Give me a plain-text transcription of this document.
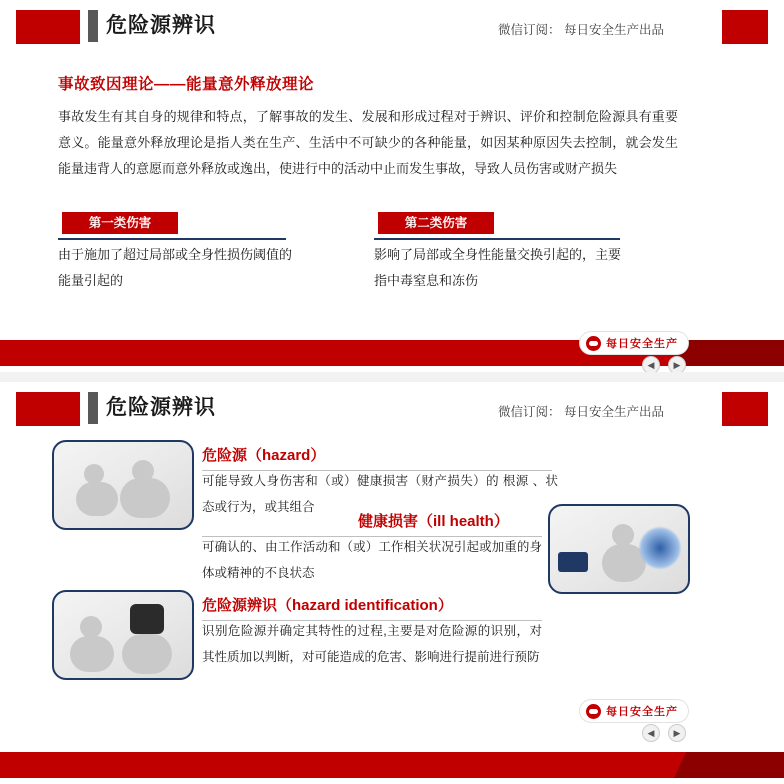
危险源辨识	微信订阅： 每日安全生产出品
事故致因理论——能量意外释放理论
事故发生有其自身的规律和特点，了解事故的发生、发展和形成过程对于辨识、评价和控制危险源具有重要意义。能量意外释放理论是指人类在生产、生活中不可缺少的各种能量，如因某种原因失去控制，就会发生能量违背人的意愿而意外释放或逸出，使进行中的活动中止而发生事故，导致人员伤害或财产损失
第一类伤害
由于施加了超过局部或全身性损伤阈值的能量引起的
第二类伤害
影响了局部或全身性能量交换引起的，主要指中毒窒息和冻伤
每日安全生产
◀	▶
危险源辨识	微信订阅： 每日安全生产出品
危险源（hazard）
可能导致人身伤害和（或）健康损害（财产损失）的 根源 、状态或行为，或其组合
健康损害（ill health）
可确认的、由工作活动和（或）工作相关状况引起或加重的身体或精神的不良状态
危险源辨识（hazard identification）
识别危险源并确定其特性的过程,主要是对危险源的识别，对其性质加以判断，对可能造成的危害、影响进行提前进行预防
每日安全生产
◀	▶
